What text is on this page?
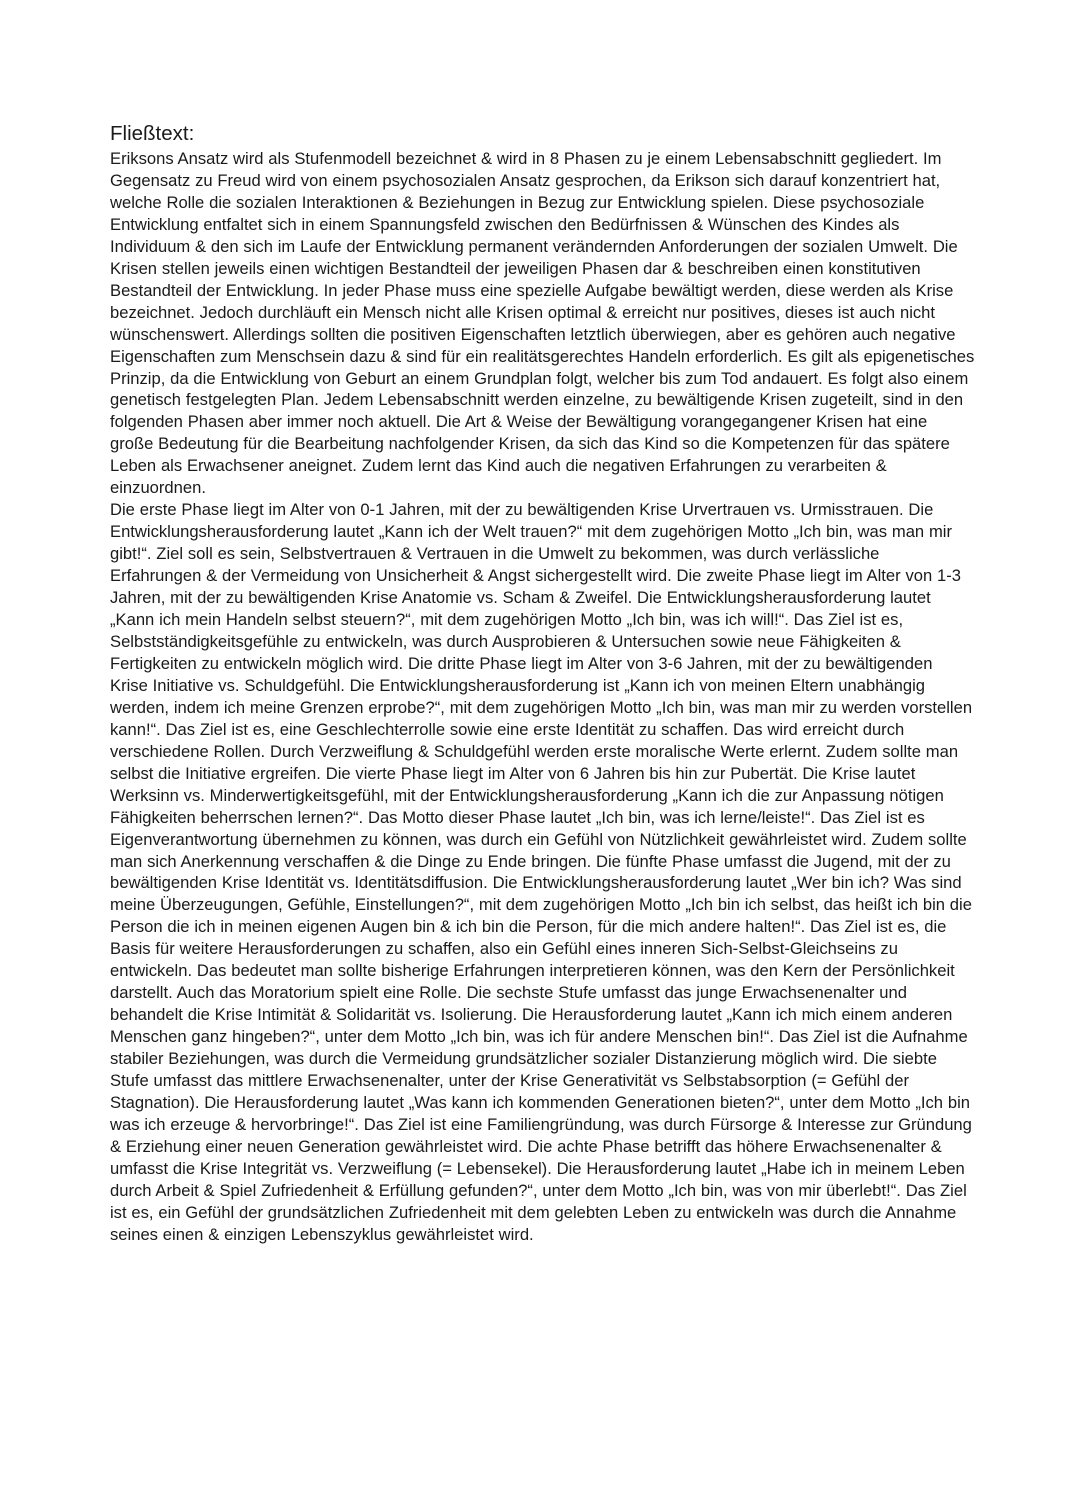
Fließtext:

Eriksons Ansatz wird als Stufenmodell bezeichnet & wird in 8 Phasen zu je einem Lebensabschnitt gegliedert. Im Gegensatz zu Freud wird von einem psychosozialen Ansatz gesprochen, da Erikson sich darauf konzentriert hat, welche Rolle die sozialen Interaktionen & Beziehungen in Bezug zur Entwicklung spielen. Diese psychosoziale Entwicklung entfaltet sich in einem Spannungsfeld zwischen den Bedürfnissen & Wünschen des Kindes als Individuum & den sich im Laufe der Entwicklung permanent verändernden Anforderungen der sozialen Umwelt. Die Krisen stellen jeweils einen wichtigen Bestandteil der jeweiligen Phasen dar & beschreiben einen konstitutiven Bestandteil der Entwicklung. In jeder Phase muss eine spezielle Aufgabe bewältigt werden, diese werden als Krise bezeichnet. Jedoch durchläuft ein Mensch nicht alle Krisen optimal & erreicht nur positives, dieses ist auch nicht wünschenswert. Allerdings sollten die positiven Eigenschaften letztlich überwiegen, aber es gehören auch negative Eigenschaften zum Menschsein dazu & sind für ein realitätsgerechtes Handeln erforderlich. Es gilt als epigenetisches Prinzip, da die Entwicklung von Geburt an einem Grundplan folgt, welcher bis zum Tod andauert. Es folgt also einem genetisch festgelegten Plan. Jedem Lebensabschnitt werden einzelne, zu bewältigende Krisen zugeteilt, sind in den folgenden Phasen aber immer noch aktuell. Die Art & Weise der Bewältigung vorangegangener Krisen hat eine große Bedeutung für die Bearbeitung nachfolgender Krisen, da sich das Kind so die Kompetenzen für das spätere Leben als Erwachsener aneignet. Zudem lernt das Kind auch die negativen Erfahrungen zu verarbeiten & einzuordnen.

Die erste Phase liegt im Alter von 0-1 Jahren, mit der zu bewältigenden Krise Urvertrauen vs. Urmisstrauen. Die Entwicklungsherausforderung lautet „Kann ich der Welt trauen?“ mit dem zugehörigen Motto „Ich bin, was man mir gibt!“. Ziel soll es sein, Selbstvertrauen & Vertrauen in die Umwelt zu bekommen, was durch verlässliche Erfahrungen & der Vermeidung von Unsicherheit & Angst sichergestellt wird. Die zweite Phase liegt im Alter von 1-3 Jahren, mit der zu bewältigenden Krise Anatomie vs. Scham & Zweifel. Die Entwicklungsherausforderung lautet „Kann ich mein Handeln selbst steuern?“, mit dem zugehörigen Motto „Ich bin, was ich will!“. Das Ziel ist es, Selbstständigkeitsgefühle zu entwickeln, was durch Ausprobieren & Untersuchen sowie neue Fähigkeiten & Fertigkeiten zu entwickeln möglich wird. Die dritte Phase liegt im Alter von 3-6 Jahren, mit der zu bewältigenden Krise Initiative vs. Schuldgefühl. Die Entwicklungsherausforderung ist „Kann ich von meinen Eltern unabhängig werden, indem ich meine Grenzen erprobe?“, mit dem zugehörigen Motto „Ich bin, was man mir zu werden vorstellen kann!“. Das Ziel ist es, eine Geschlechterrolle sowie eine erste Identität zu schaffen. Das wird erreicht durch verschiedene Rollen. Durch Verzweiflung & Schuldgefühl werden erste moralische Werte erlernt. Zudem sollte man selbst die Initiative ergreifen. Die vierte Phase liegt im Alter von 6 Jahren bis hin zur Pubertät. Die Krise lautet Werksinn vs. Minderwertigkeitsgefühl, mit der Entwicklungsherausforderung „Kann ich die zur Anpassung nötigen Fähigkeiten beherrschen lernen?“. Das Motto dieser Phase lautet „Ich bin, was ich lerne/leiste!“. Das Ziel ist es Eigenverantwortung übernehmen zu können, was durch ein Gefühl von Nützlichkeit gewährleistet wird. Zudem sollte man sich Anerkennung verschaffen & die Dinge zu Ende bringen. Die fünfte Phase umfasst die Jugend, mit der zu bewältigenden Krise Identität vs. Identitätsdiffusion. Die Entwicklungsherausforderung lautet „Wer bin ich? Was sind meine Überzeugungen, Gefühle, Einstellungen?“, mit dem zugehörigen Motto „Ich bin ich selbst, das heißt ich bin die Person die ich in meinen eigenen Augen bin & ich bin die Person, für die mich andere halten!“. Das Ziel ist es, die Basis für weitere Herausforderungen zu schaffen, also ein Gefühl eines inneren Sich-Selbst-Gleichseins zu entwickeln. Das bedeutet man sollte bisherige Erfahrungen interpretieren können, was den Kern der Persönlichkeit darstellt. Auch das Moratorium spielt eine Rolle. Die sechste Stufe umfasst das junge Erwachsenenalter und behandelt die Krise Intimität & Solidarität vs. Isolierung. Die Herausforderung lautet „Kann ich mich einem anderen Menschen ganz hingeben?“, unter dem Motto „Ich bin, was ich für andere Menschen bin!“. Das Ziel ist die Aufnahme stabiler Beziehungen, was durch die Vermeidung grundsätzlicher sozialer Distanzierung möglich wird. Die siebte Stufe umfasst das mittlere Erwachsenenalter, unter der Krise Generativität vs Selbstabsorption (= Gefühl der Stagnation). Die Herausforderung lautet „Was kann ich kommenden Generationen bieten?“, unter dem Motto „Ich bin was ich erzeuge & hervorbringe!“. Das Ziel ist eine Familiengründung, was durch Fürsorge & Interesse zur Gründung & Erziehung einer neuen Generation gewährleistet wird. Die achte Phase betrifft das höhere Erwachsenenalter & umfasst die Krise Integrität vs. Verzweiflung (= Lebensekel). Die Herausforderung lautet „Habe ich in meinem Leben durch Arbeit & Spiel Zufriedenheit & Erfüllung gefunden?“, unter dem Motto „Ich bin, was von mir überlebt!“. Das Ziel ist es, ein Gefühl der grundsätzlichen Zufriedenheit mit dem gelebten Leben zu entwickeln was durch die Annahme seines einen & einzigen Lebenszyklus gewährleistet wird.
